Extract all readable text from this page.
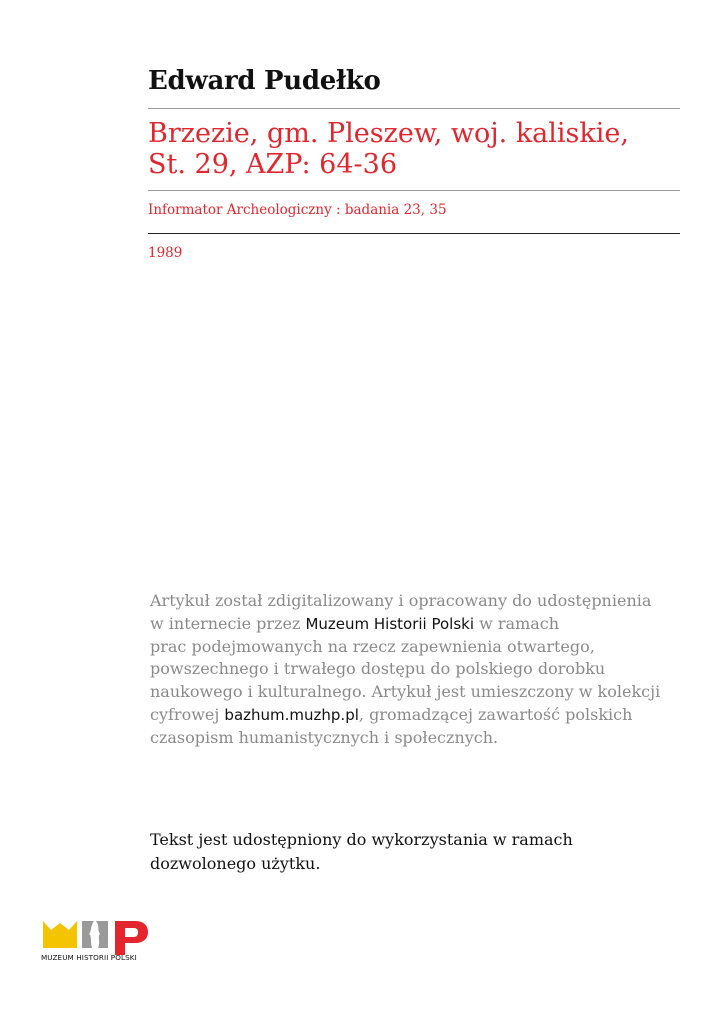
Edward Pudełko
Brzezie, gm. Pleszew, woj. kaliskie,
St. 29, AZP: 64-36
Informator Archeologiczny : badania 23, 35
1989
Artykuł został zdigitalizowany i opracowany do udostępnienia
w internecie przez Muzeum Historii Polski w ramach
prac podejmowanych na rzecz zapewnienia otwartego,
powszechnego i trwałego dostępu do polskiego dorobku
naukowego i kulturalnego. Artykuł jest umieszczony w kolekcji
cyfrowej bazhum.muzhp.pl, gromadzącej zawartość polskich
czasopism humanistycznych i społecznych.
Tekst jest udostępniony do wykorzystania w ramach
dozwolonego użytku.
MUZEUM HISTORII POLSKI
